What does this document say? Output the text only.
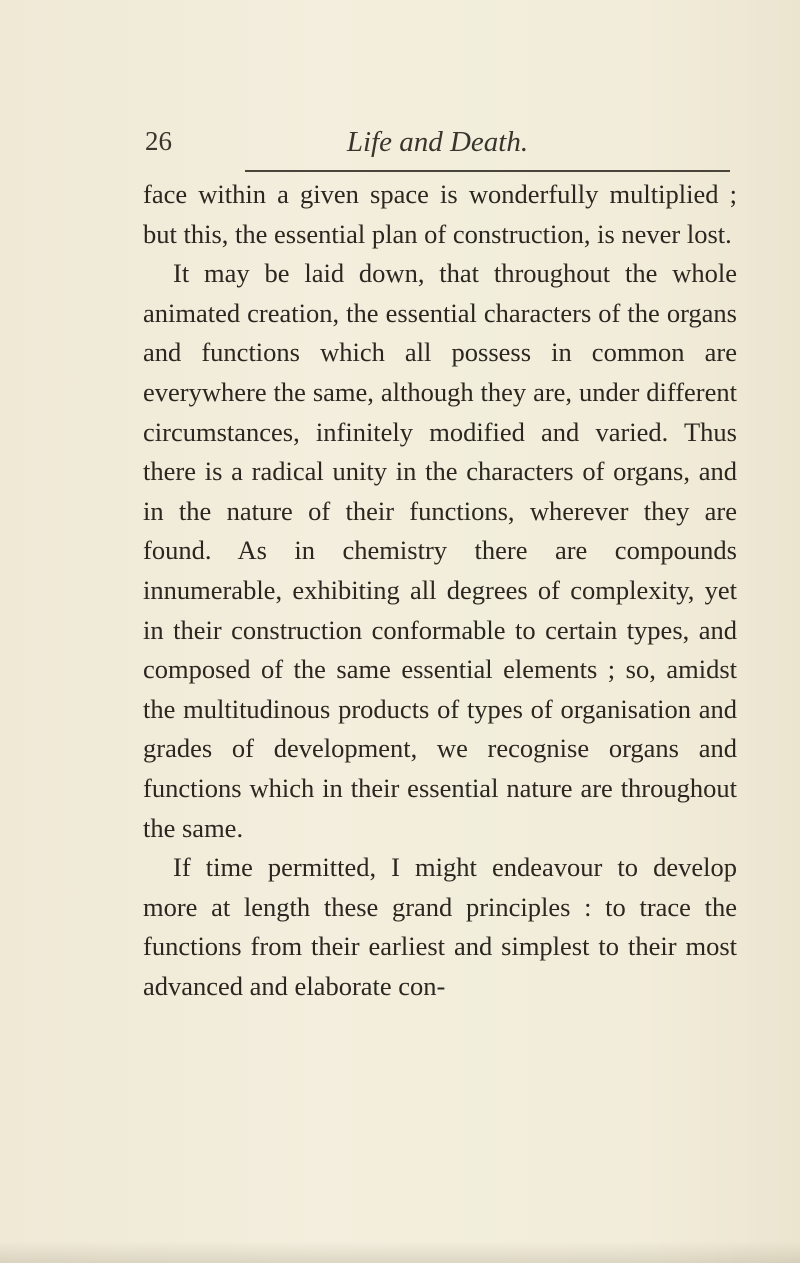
26	Life and Death.

face within a given space is wonderfully multiplied ; but this, the essential plan of construction, is never lost.

It may be laid down, that throughout the whole animated creation, the essential characters of the organs and functions which all possess in common are everywhere the same, although they are, under different circumstances, infinitely modified and varied. Thus there is a radical unity in the characters of organs, and in the nature of their functions, wherever they are found. As in chemistry there are compounds innumerable, exhibiting all degrees of complexity, yet in their construction conformable to certain types, and composed of the same essential elements ; so, amidst the multitudinous products of types of organisation and grades of development, we recognise organs and functions which in their essential nature are throughout the same.

If time permitted, I might endeavour to develop more at length these grand principles : to trace the functions from their earliest and simplest to their most advanced and elaborate con-
